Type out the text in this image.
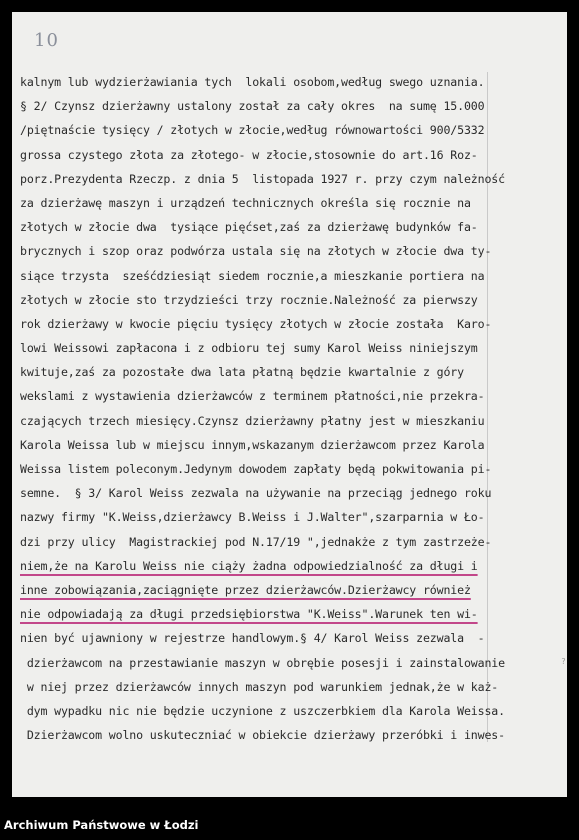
10
kalnym lub wydzierżawiania tych  lokali osobom,według swego uznania.
§ 2/ Czynsz dzierżawny ustalony został za cały okres  na sumę 15.000
/piętnaście tysięcy / złotych w złocie,według równowartości 900/5332
grossa czystego złota za złotego- w złocie,stosownie do art.16 Roz-
porz.Prezydenta Rzeczp. z dnia 5  listopada 1927 r. przy czym należność
za dzierżawę maszyn i urządzeń technicznych określa się rocznie na
złotych w złocie dwa  tysiące pięćset,zaś za dzierżawę budynków fa-
brycznych i szop oraz podwórza ustala się na złotych w złocie dwa ty-
siące trzysta  sześćdziesiąt siedem rocznie,a mieszkanie portiera na
złotych w złocie sto trzydzieści trzy rocznie.Należność za pierwszy
rok dzierżawy w kwocie pięciu tysięcy złotych w złocie została  Karo-
lowi Weissowi zapłacona i z odbioru tej sumy Karol Weiss niniejszym
kwituje,zaś za pozostałe dwa lata płatną będzie kwartalnie z góry
wekslami z wystawienia dzierżawców z terminem płatności,nie przekra-
czających trzech miesięcy.Czynsz dzierżawny płatny jest w mieszkaniu
Karola Weissa lub w miejscu innym,wskazanym dzierżawcom przez Karola
Weissa listem poleconym.Jedynym dowodem zapłaty będą pokwitowania pi-
semne.  § 3/ Karol Weiss zezwala na używanie na przeciąg jednego roku
nazwy firmy "K.Weiss,dzierżawcy B.Weiss i J.Walter",szarparnia w Ło-
dzi przy ulicy  Magistrackiej pod N.17/19 ",jednakże z tym zastrzeże-
niem,że na Karolu Weiss nie ciąży żadna odpowiedzialność za długi i
inne zobowiązania,zaciągnięte przez dzierżawców.Dzierżawcy również
nie odpowiadają za długi przedsiębiorstwa "K.Weiss".Warunek ten wi-
nien być ujawniony w rejestrze handlowym.§ 4/ Karol Weiss zezwala  -
dzierżawcom na przestawianie maszyn w obrębie posesji i zainstalowanie
w niej przez dzierżawców innych maszyn pod warunkiem jednak,że w każ-
dym wypadku nic nie będzie uczynione z uszczerbkiem dla Karola Weissa.
Dzierżawcom wolno uskuteczniać w obiekcie dzierżawy przeróbki i inwes-
?
Archiwum Państwowe w Łodzi
